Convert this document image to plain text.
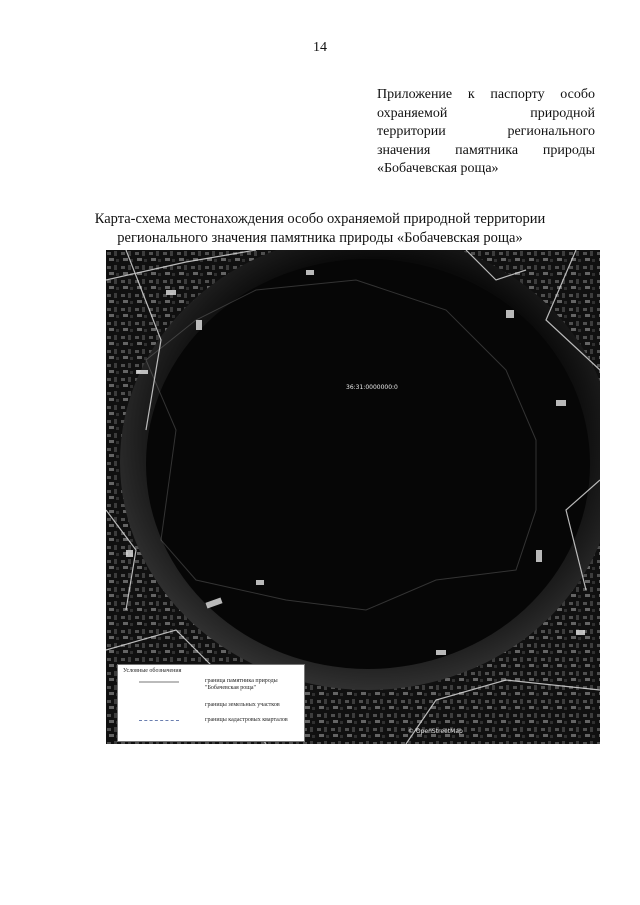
14
Приложение к паспорту особо
охраняемой природной
территории регионального
значения памятника природы
«Бобачевская роща»
Карта-схема местонахождения особо охраняемой природной территории
регионального значения памятника природы «Бобачевская роща»
36:31:0000000:0
© OpenStreetMap
Условные обозначения
граница памятника природы "Бобачевская роща"
границы земельных участков
границы кадастровых кварталов
